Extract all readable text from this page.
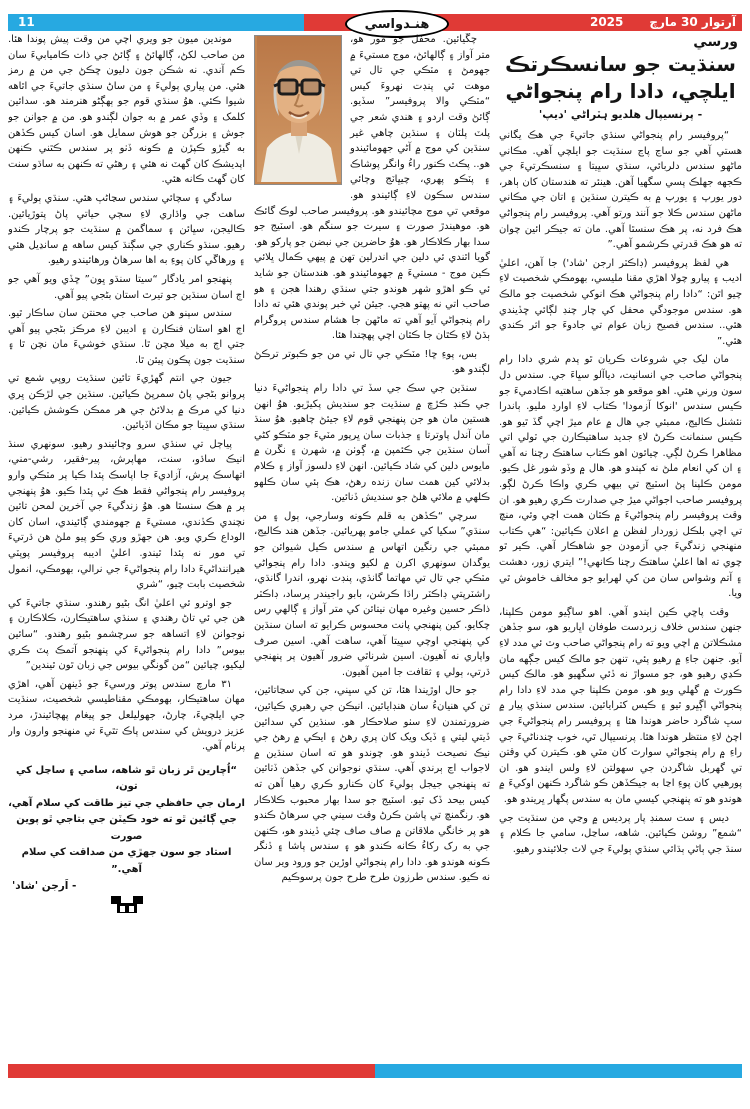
11	آرتوار 30 مارچ
2025
هنـدواسي
ورسي
سنڌيت جو سانسڪرتڪ
ايلچي، دادا رام پنجواڻي
- پرنسيپال هلديو ہٽراڻي 'ديپ'

“پروفيسر رام پنجواڻي سنڌي جاتيءَ جي هڪ يگاني هستي آهي جو ساڃ پاڃ سنڌيت جو ايلچي آهي. مڪاني ماڻهو سندس دلربائي، سنڌي سڀيتا ۽ سنسڪرتيءَ جي ڪجهه جهلڪ پسي سگهيا آهن. هينئر ته هندستان کان ٻاهر، دور يورپ ۽ يورپ ۾ به ڪيترن سنڌين ۽ اتان جي مڪاني ماڻهن سندس ڪلا جو آنند ورتو آهي. پروفيسر رام پنجواڻي هڪ فرد نه، پر هڪ سنسٿا آهي. مان ته جيڪر ائين چوان ته هو هڪ قدرتي ڪرشمو آهي.”

هي لفظ پروفيسر (ڊاڪٽر ارجن 'شاد') جا آهن، اعليٰ اديب ۽ پيارو چولا اهڙي مقنا مليسي، بهومڪي شخصيت لاءِ چيو اٿن: “دادا رام پنجواڻي هڪ انوکي شخصيت جو مالڪ هو. سندس موجودگي محفل کي چار چنڊ لڳائي ڇڏيندي هئي.. سندس فصيح زبان عوام تي جادوءَ جو اثر ڪندي هئي.”

مان ليک جي شروعات ڪريان ٿو پدم شري دادا رام پنجواڻي صاحب جي انسانيت، دياآلو سڀاءَ جي. سندس دل سون ورني هئي. اهو موقعو هو جڏهن ساهتيه اڪادميءَ جو ڪيس سندس 'انوکا آزمودا' ڪتاب لاءِ اوارڊ مليو. ٻاندرا نئشنل ڪاليج، ممبئي جي هال ۾ عام ميڙ اچي گڏ ٿيو هو. ڪيس سنمانت ڪرڻ لاءِ جديد ساهتيڪارن جي ٽولي اتي مظاهرا ڪرڻ لڳي. چيائون اهو ڪتاب ساهتڪ رچنا نه آهي ۽ ان کي انعام ملڻ نه کپندو هو. هال ۾ وڏو شور غل ڪيو. مومن ڪلپنا پڻ اسٽيج تي بيهي ڪري واڪا ڪرڻ لڳو. پروفيسر صاحب اجواڻي ميڙ جي صدارت ڪري رهيو هو. ان وقت پروفيسر رام پنجواڻيءَ ۾ ڪٿان همت اچي وئي، منچ تي اچي بلڪل زوردار لفظن ۾ اعلان ڪيائين: “هي ڪتاب منهنجي زندگيءَ جي آزمودن جو شاهڪار آهي. ڪير ٿو چوي ته اها اعليٰ ساهتڪ رچنا ڪانهي!” ايتري زور، دهشت ۽ آتم وشواس سان من کي لهرايو جو مخالف خاموش ٿي ويا.

وقت پاڇي ڪين ايندو آهي. اهو ساڳيو مومن ڪلپنا، جنهن سندس خلاف زبردست طوفان اڀاريو هو، سو جڏهن مشڪلاتن ۾ اچي ويو ته رام پنجواڻي صاحب وٽ ئي مدد لاءِ آيو. جنهن جاءِ ۾ رهيو پئي، تنهن جو مالڪ کيس جڳهه مان ڪڍي رهيو هو، جو مسواڙ نه ڏئي سگهيو هو. مالڪ کيس ڪورٽ ۾ گهلي ويو هو. مومن ڪلپنا جي مدد لاءِ دادا رام پنجواڻي اڳڀرو ٿيو ۽ ڪيس کٽرايائين. سندس سنڌي پيار ۾ سڀ شاگرد حاضر هوندا هئا ۽ پروفيسر رام پنجواڻيءَ جي اچڻ لاءِ منتظر هوندا هئا. پرنسيپال ٿي، خوب چندناڻيءَ جي راءِ ۾ رام پنجواڻي سوارٿ کان مٿي هو. ڪيترن کي وقتن تي گهربل شاگردن جي سهولتن لاءِ ولس ايندو هو. ان پورهيي کان پوءِ اڃا به جيڪڏهن ڪو شاگرد ڪنهن اوکيءَ ۾ هوندو هو ته پنهنجي کيسي مان به سندس پگهار ڀريندو هو.

ديس ۽ ست سمنڊ پار پرديس ۾ وڃي من سنڌيت جي “شمع” روشن ڪيائين. شاهه، ساڃل، سامي جا ڪلام ۽ سنڌ جي ٻاڻي ٻڌائي سنڌي ٻوليءَ جي لاٽ جلائيندو رهيو.

چڱيائين. محفل جو مور هو، متر آواز ۽ ڳالهائڻ، موج مستيءَ ۾ جهومڻ ۽ مٽڪي جي تال تي موهت ٿي پنڊت نهروءَ کيس “مٽڪي والا پروفيسر” سڏيو. ڳائڻ وقت اردو ۽ هندي شعر جي پلٽ پلٽان ۽ سنڌين چاهي غير سنڌين کي موج ۾ آڻي جهومائيندو هو.. پڪٽ ڪنور راءُ وانگر پوشاڪ ۽ پٽڪو پهري، چيڀاٽج وڄائي سندس سڪون لاءِ ڳائيندو هو. موقعي تي موج مچائيندو هو. پروفيسر صاحب لوڪ گائڪ هو. موهيندڙ صورت ۽ سيرت جو سنگم هو. اسٽيج جو سدا بهار ڪلاڪار هو. هوُ حاضرين جي نبضن جو پارکو هو. گويا اٿندي ئي دلين جي اندرلين تهن ۾ پيهي ڪمال ڀلائي ڪين موج - مستيءَ ۾ جهومائيندو هو. هندستان جو شايد ئي ڪو اهڙو شهر هوندو جتي سنڌي رهندا هجن ۽ هو صاحب اتي نه پهتو هجي. جيئن ئي خبر پوندي هئي ته دادا رام پنجواڻي آيو آهي ته ماڻهن جا هشام سندس پروگرام ٻڌڻ لاءِ ڪٿان جا ڪٿان اچي پهچندا هئا.

بس، پوءِ ڇا! مٽڪي جي تال تي من جو ڪبوتر ترڪڻ لڳندو هو.

سنڌين جي سڪ جي سڏ تي دادا رام پنجواڻيءَ دنيا جي ڪنڊ ڪڙڇ ۾ سنڌيت جو سنديش پکيڙيو. هوُ انهن هستين مان هو جن پنهنجي قوم لاءِ جيئڻ چاهيو. هوُ سنڌ مان آندل پاوترتا ۽ جذبات سان ڀرپور مٽيءَ جو مٽڪو کڻي آسان سنڌين جي ڪئمپن ۾، ڳوٺن ۾، شهرن ۽ نڱرن ۾ مايوس دلين کي شاد ڪيائين. انهن لاءِ دلسوز آواز ۽ ڪلام بدلائي کين همت سان زنده رهڻ، هڪ ٻئي سان ڪلهو ڪلهي ۾ ملائي هلڻ جو سنديش ڏنائين.

سرچي “ڪڏهن به قلم ڪونه وسارجي، ٻول ۽ من سنڌي” سکيا کي عملي جامو پهريائين. جڏهن هند ڪاليج، ممبئي جي رنگين اتهاس ۾ سندس ڪيل شيوائن جو يوگدان سونهري اکرن ۾ لکيو ويندو. دادا رام پنجواڻي مٽڪي جي تال تي مهاتما گانڌي، پنڊت نهرو، اندرا گانڌي، راشٽرپتي ڊاڪٽر راڌا ڪرشن، بابو راجيندر پرساد، ڊاڪٽر ذاڪر حسين وغيره مهان نيتائن کي متر آواز ۽ ڳالهي رس چکايو. کين پنهنجي پانت محسوس ڪرايو ته اسان سنڌين کي پنهنجي اوچي سڀيتا آهي، ساهت آهي. اسين صرف واپاري نه آهيون. اسين شرناٿي ضرور آهيون پر پنهنجي ڌرتي، ٻولي ۽ ثقافت جا امين آهيون.

جو حال اوڙيندا هئا، تن کي سڀني، جن کي سڃاتائين، تن کي هنيانءُ سان هنڊايائين. انيڪن جي رهبري ڪيائين، ضرورتمندن لاءِ سٺو صلاحڪار هو. سنڌين کي سدائين ڏيتي ليتي ۽ ڏيک ويک کان پري رهڻ ۽ ايڪي ۾ رهڻ جي نيڪ نصيحت ڏيندو هو. چوندو هو ته اسان سنڌين ۾ لاجواب اڃ ٻرندي آهي. سنڌي نوجوانن کي جڏهن ڏٺائين ته پنهنجي جيجل ٻوليءَ کان ڪنارو ڪري رهيا آهن ته کيس بيحد ڏک ٿيو. اسٽيج جو سدا بهار محبوب ڪلاڪار هو. رنگمنچ تي پاشن ڪرڻ وقت سيني جي سرهاڻ ڪندو هو پر خانگي ملاقاتن ۾ صاف صاف چئي ڏيندو هو، ڪنهن جي به رک رکاءُ ڪانه ڪندو هو ۽ سندس پاشا ۽ ڏنگر ڪونه هوندو هو. دادا رام پنجواڻي اوڙين جو ورود وير سان نه ڪيو. سندس طرزون طرح طرح جون پرسوڪيم

موندين ميون جو ويري اچي من وقت پيش پوندا هئا. من صاحب لکڻ، ڳالهائڻ ۽ ڳائڻ جي ذات ڪاميابيءَ سان ڪم آندي. نه شڪن جون دليون ڇڪڻ جي من ۾ رمز هئي. من پياري ٻوليءَ ۽ من ساڻ سنڌي جاتيءَ جي اٿاهه شيوا ڪئي. هوُ سنڌي قوم جو ٻهڳڻو هنرمند هو. سدائين کلمک ۽ وڏي عمر ۾ به جوان لڳندو هو. من ۾ جوانن جو جوش ۽ بزرگن جو هوش سمايل هو. اسان کيس ڪڏهن به گيڙو ڪپڙن ۾ ڪونه ڏٺو پر سندس ڪٿني ڪنهن اپديشڪ کان گهٽ نه هئي ۽ رهڻي ته ڪنهن به ساڌو سنت کان گهٽ ڪانه هئي.

سادگي ۽ سچائي سندس سڃاڻپ هئي. سنڌي ٻوليءَ ۽ ساهت جي واڌاري لاءِ سڄي حياتي پاڻ پتوڙيائين. ڪاليجن، سڀائن ۽ سماگمن ۾ سنڌيت جو پرچار ڪندو رهيو. سنڌو ڪناري جي سڳنڌ کيس ساهه ۾ سانڍيل هئي ۽ ورهاڱي کان پوءِ به اها سرهاڻ ورهائيندو رهيو.

پنهنجو امر يادگار “سيتا سنڌو ڀون” ڇڏي ويو آهي جو اڄ اسان سنڌين جو تيرٿ استان بڻجي پيو آهي.

سندس سپنو هن صاحب جي محنتن سان ساڪار ٿيو. اڄ اهو استان فنڪارن ۽ اديبن لاءِ مرڪز بڻجي پيو آهي جتي اڄ به ميلا مچن ٿا. سنڌي خوشيءَ مان نچن ٿا ۽ سنڌيت جون پڪون پيئن ٿا.

جيون جي انتم گهڙيءَ تائين سنڌيت روپي شمع تي پروانو بڻجي پاڻ سمرپڻ ڪيائين. سنڌين جي لڙڪن ڀري دنيا کي مرڪ ۾ بدلائڻ جي هر ممڪن ڪوشش ڪيائين. سنڌي سڀيتا جو مڪان اڏيائين.

پياڄل تي سنڌي سرو وڄائيندو رهيو. سونهري سنڌ انيڪ ساڌو، سنت، مهاپرش، پير-فقير، رشي-مني، اتهاسڪ پرش، آزاديءَ جا اپاسڪ پئدا ڪيا پر مٽڪي وارو پروفيسر رام پنجواڻي فقط هڪ ئي پئدا ڪيو. هوُ پنهنجي پر ۾ هڪ سنسٿا هو. هوُ زندگيءَ جي آخرين لمحن تائين نچندي ڪڏندي، مستيءَ ۾ جهومندي ڳائيندي، اسان کان الوداع ڪري ويو. هن جهڙو وري ڪو پيو ملڻ هن ڌرتيءَ تي مور نه پئدا ٿيندو. اعليٰ اديبه پروفيسر پوپٽي هيراننداڻيءَ دادا رام پنجواڻيءَ جي نرالي، بهومڪي، انمول شخصيت بابت چيو، “شري

جو اوترو ئي اعليٰ انگ بڻيو رهندو. سنڌي جاتيءَ کي هن جي ئي تاڻ رهندي ۽ سنڌي ساهتيڪارن، ڪلاڪارن ۽ نوجوانن لاءِ اتساهه جو سرچشمو بڻيو رهندو. “سائين بيوس” دادا رام پنجواڻيءَ کي پنهنجو آتمڪ پٽ ڪري ليکيو، چيائين “من گونگي بيوس جي زبان ٿون ٿيندين”

٣١ مارچ سندس پوتر ورسيءَ جو ڏينهن آهي، اهڙي مهان ساهتيڪار، بهومڪي مقناطيسي شخصيت، سنڌيت جي ايلچيءَ، چارڻ، جهوليلعل جو پيغام پهچائيندڙ، مرد عزيز درويش کي سندس پاڪ تٿيءَ تي منهنجو وارون وار پرنام آهي.

“اُچارين ٿر زبان ٿو شاهه، سامي ۽ ساڃل کي تون،
ارمان جي حافظي جي تيز طاقت کي سلام آهي،
جي ڳائين ٿو ته خود ڪيٽن جي بتاجي ٿو پوين صورت
استاد جو سون جهڙي من صداقت کي سلام آهي.”
- اَرجن 'شاد'
